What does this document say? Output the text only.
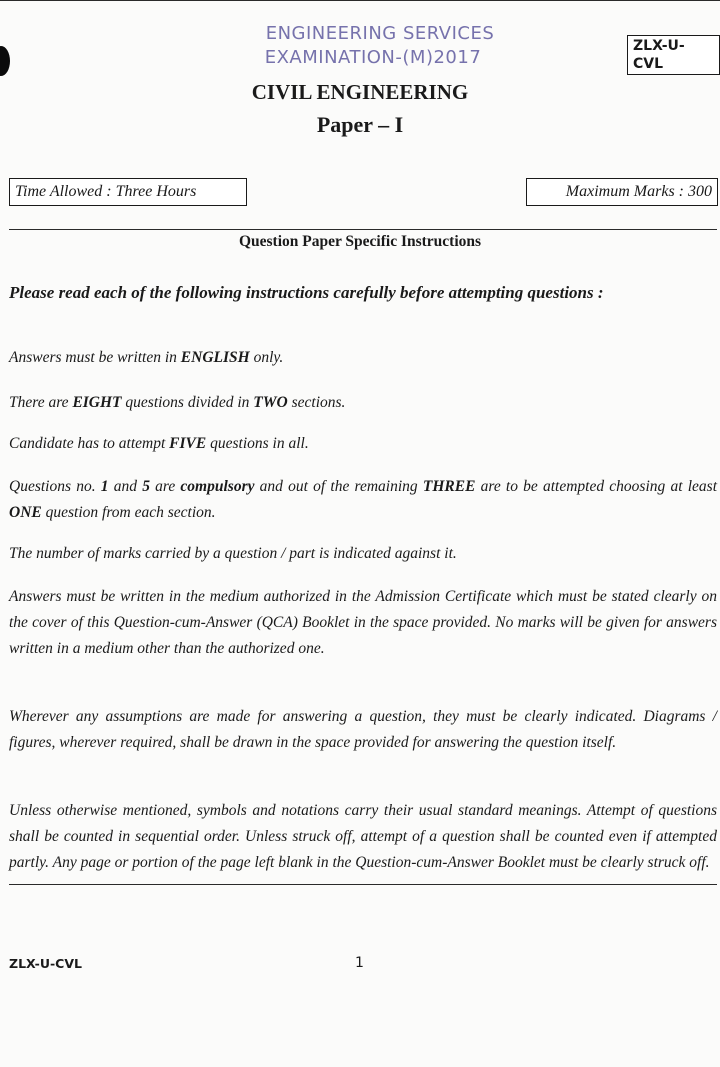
ENGINEERING SERVICES
EXAMINATION-(M)2017
ZLX-U-CVL
CIVIL ENGINEERING
Paper – I
Time Allowed : Three Hours	Maximum Marks : 300
Question Paper Specific Instructions
Please read each of the following instructions carefully before attempting questions :
Answers must be written in ENGLISH only.
There are EIGHT questions divided in TWO sections.
Candidate has to attempt FIVE questions in all.
Questions no. 1 and 5 are compulsory and out of the remaining THREE are to be attempted choosing at least ONE question from each section.
The number of marks carried by a question / part is indicated against it.
Answers must be written in the medium authorized in the Admission Certificate which must be stated clearly on the cover of this Question-cum-Answer (QCA) Booklet in the space provided. No marks will be given for answers written in a medium other than the authorized one.
Wherever any assumptions are made for answering a question, they must be clearly indicated. Diagrams / figures, wherever required, shall be drawn in the space provided for answering the question itself.
Unless otherwise mentioned, symbols and notations carry their usual standard meanings. Attempt of questions shall be counted in sequential order. Unless struck off, attempt of a question shall be counted even if attempted partly. Any page or portion of the page left blank in the Question-cum-Answer Booklet must be clearly struck off.
ZLX-U-CVL	1
